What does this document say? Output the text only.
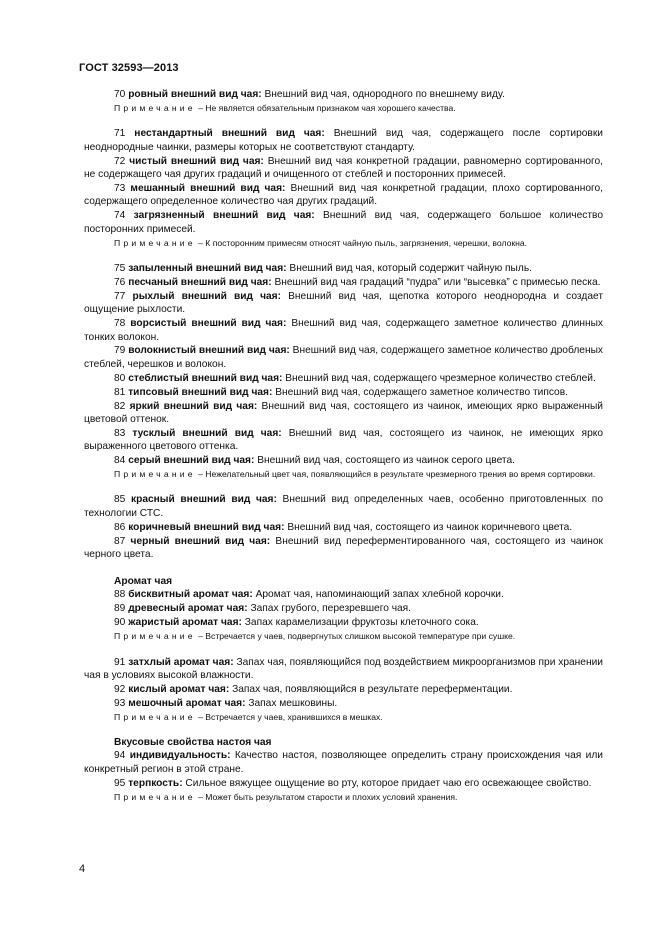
ГОСТ 32593—2013

70 ровный внешний вид чая: Внешний вид чая, однородного по внешнему виду.

Примечание – Не является обязательным признаком чая хорошего качества.

71 нестандартный внешний вид чая: Внешний вид чая, содержащего после сортировки неоднородные чаинки, размеры которых не соответствуют стандарту.

72 чистый внешний вид чая: Внешний вид чая конкретной градации, равномерно сортированного, не содержащего чая других градаций и очищенного от стеблей и посторонних примесей.

73 мешанный внешний вид чая: Внешний вид чая конкретной градации, плохо сортированного, содержащего определенное количество чая других градаций.

74 загрязненный внешний вид чая: Внешний вид чая, содержащего большое количество посторонних примесей.

Примечание – К посторонним примесям относят чайную пыль, загрязнения, черешки, волокна.

75 запыленный внешний вид чая: Внешний вид чая, который содержит чайную пыль.

76 песчаный внешний вид чая: Внешний вид чая градаций “пудра” или “высевка” с примесью песка.

77 рыхлый внешний вид чая: Внешний вид чая, щепотка которого неоднородна и создает ощущение рыхлости.

78 ворсистый внешний вид чая: Внешний вид чая, содержащего заметное количество длинных тонких волокон.

79 волокнистый внешний вид чая: Внешний вид чая, содержащего заметное количество дробленых стеблей, черешков и волокон.

80 стеблистый внешний вид чая: Внешний вид чая, содержащего чрезмерное количество стеблей.

81 типсовый внешний вид чая: Внешний вид чая, содержащего заметное количество типсов.

82 яркий внешний вид чая: Внешний вид чая, состоящего из чаинок, имеющих ярко выраженный цветовой оттенок.

83 тусклый внешний вид чая: Внешний вид чая, состоящего из чаинок, не имеющих ярко выраженного цветового оттенка.

84 серый внешний вид чая: Внешний вид чая, состоящего из чаинок серого цвета.

Примечание – Нежелательный цвет чая, появляющийся в результате чрезмерного трения во время сортировки.

85 красный внешний вид чая: Внешний вид определенных чаев, особенно приготовленных по технологии СТС.

86 коричневый внешний вид чая: Внешний вид чая, состоящего из чаинок коричневого цвета.

87 черный внешний вид чая: Внешний вид переферментированного чая, состоящего из чаинок черного цвета.

Аромат чая

88 бисквитный аромат чая: Аромат чая, напоминающий запах хлебной корочки.

89 древесный аромат чая: Запах грубого, перезревшего чая.

90 жаристый аромат чая: Запах карамелизации фруктозы клеточного сока.

Примечание – Встречается у чаев, подвергнутых слишком высокой температуре при сушке.

91 затхлый аромат чая: Запах чая, появляющийся под воздействием микроорганизмов при хранении чая в условиях высокой влажности.

92 кислый аромат чая: Запах чая, появляющийся в результате переферментации.

93 мешочный аромат чая: Запах мешковины.

Примечание – Встречается у чаев, хранившихся в мешках.

Вкусовые свойства настоя чая

94 индивидуальность: Качество настоя, позволяющее определить страну происхождения чая или конкретный регион в этой стране.

95 терпкость: Сильное вяжущее ощущение во рту, которое придает чаю его освежающее свойство.

Примечание – Может быть результатом старости и плохих условий хранения.

4
